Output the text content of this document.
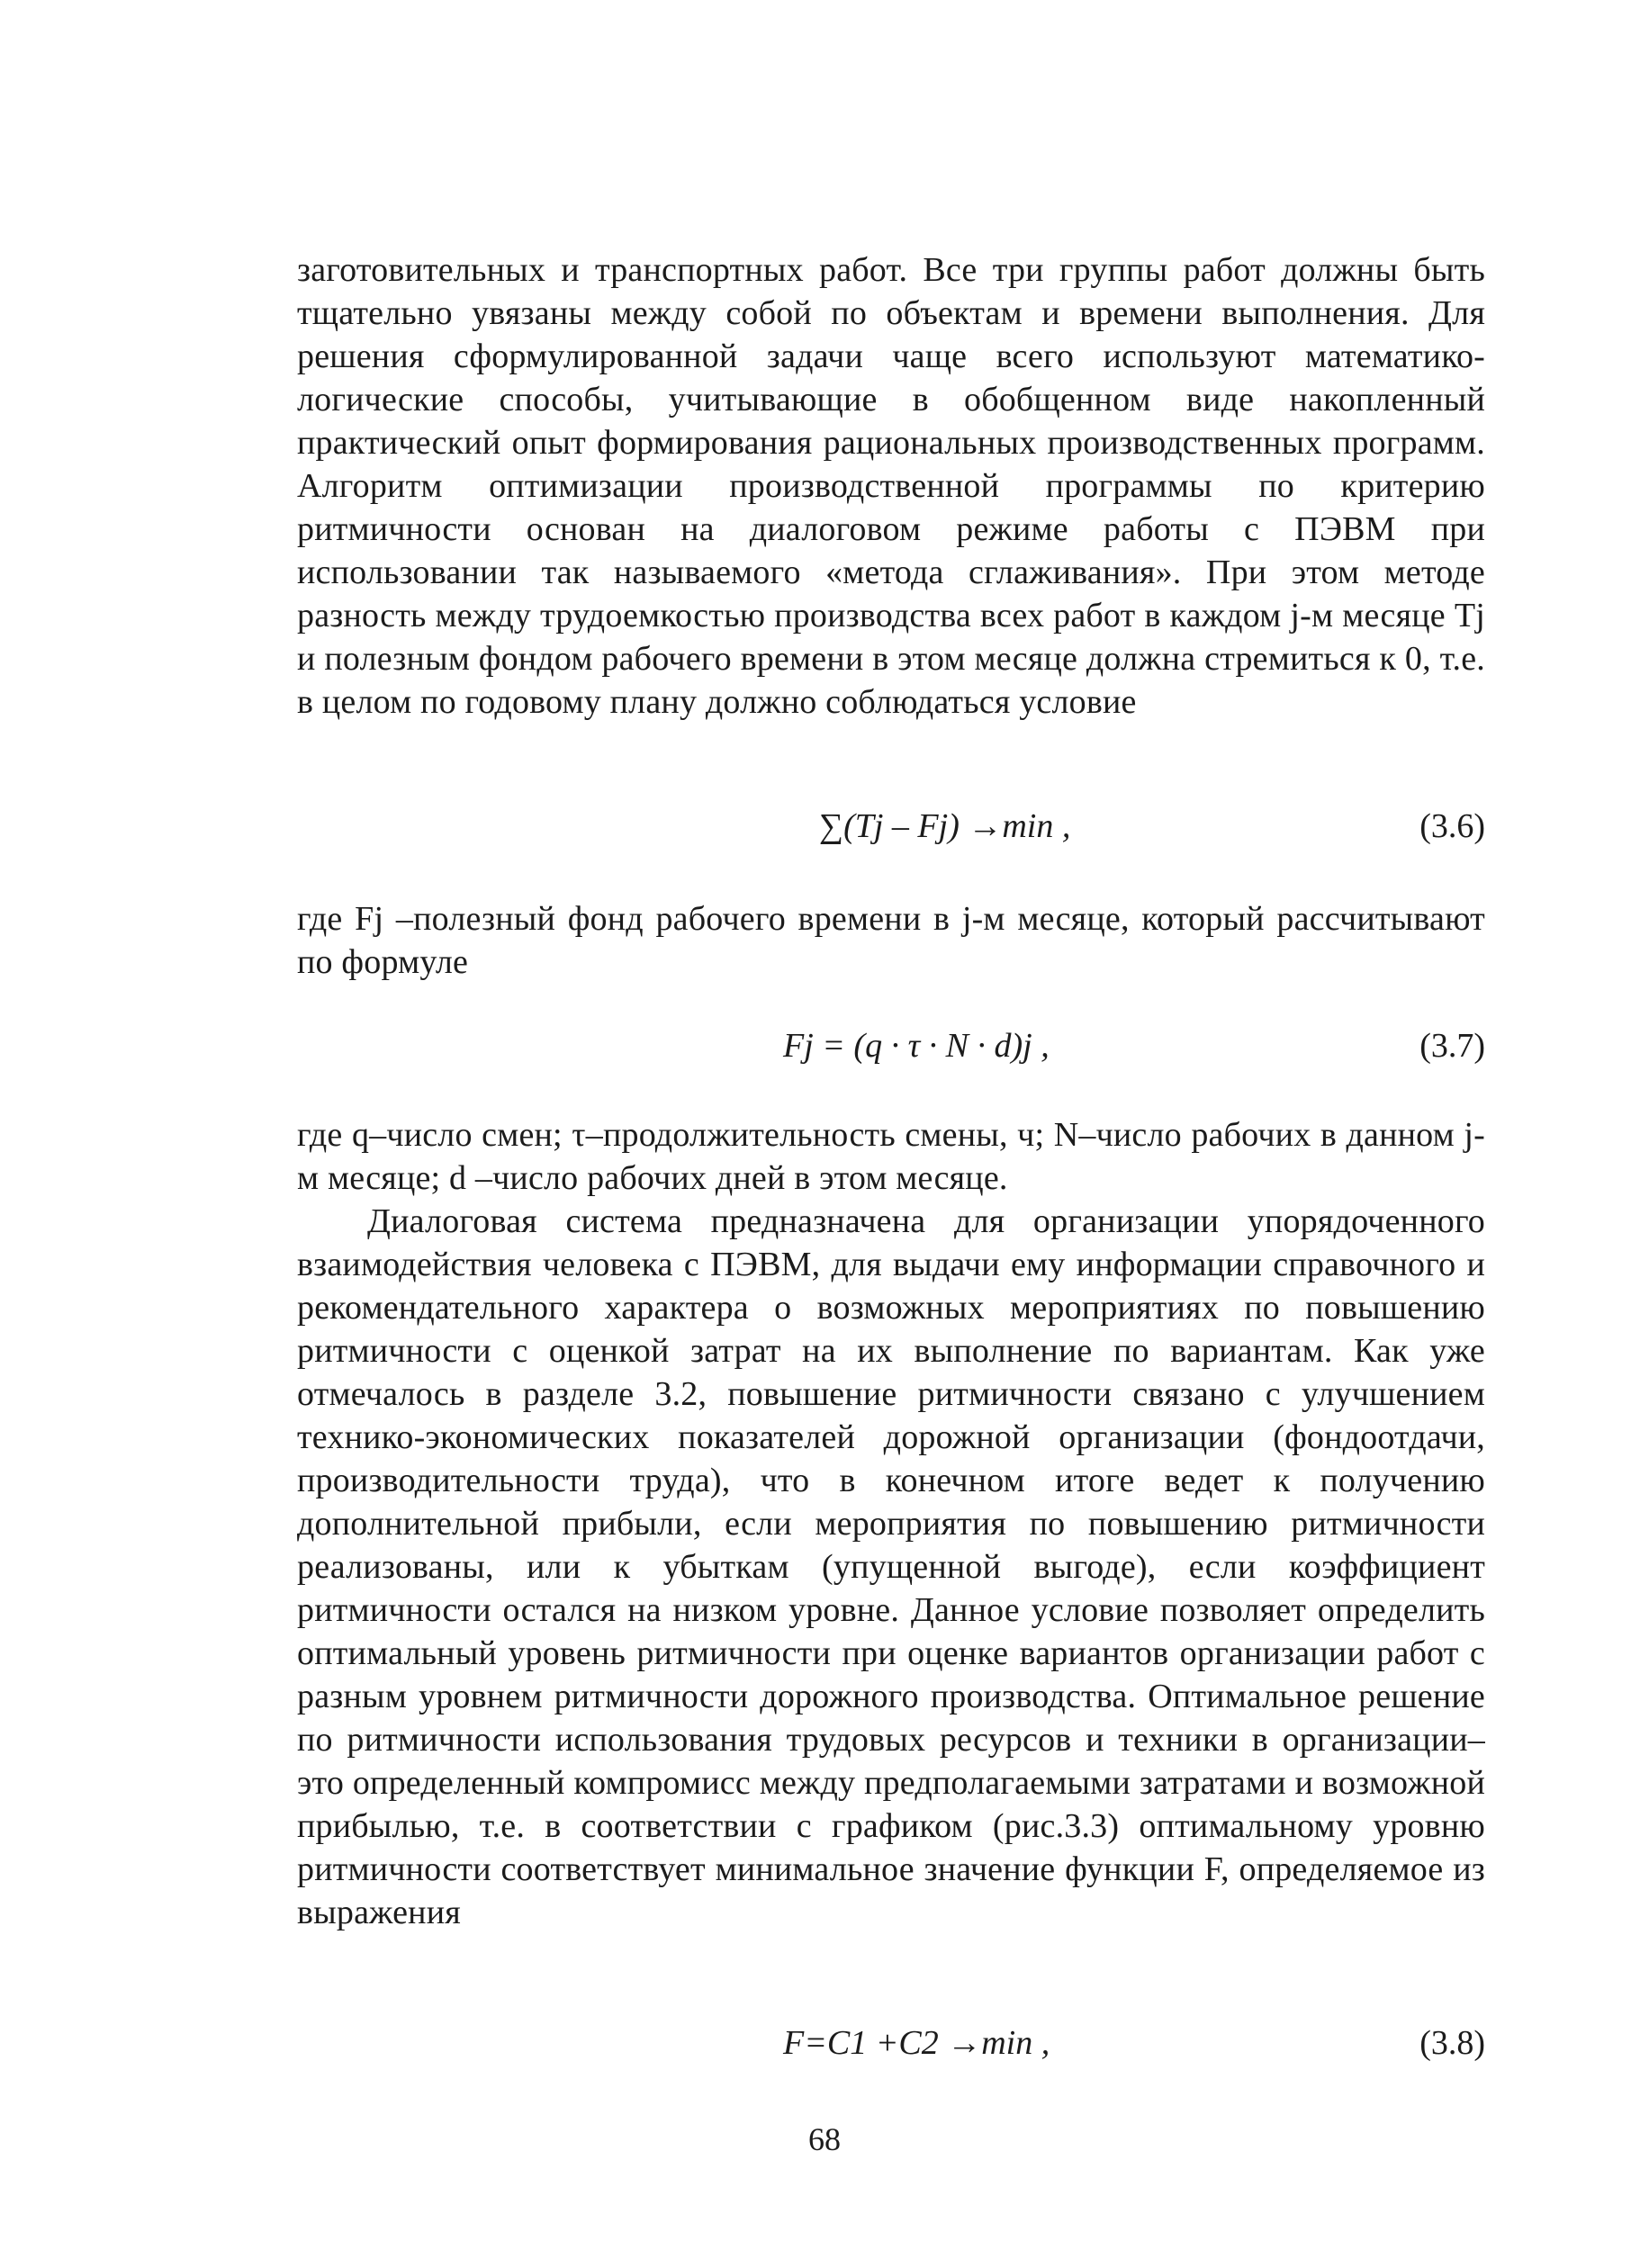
заготовительных и транспортных работ. Все три группы работ должны быть тщательно увязаны между собой по объектам и времени выполнения. Для решения сформулированной задачи чаще всего используют математико-логические способы, учитывающие в обобщенном виде накопленный практический опыт формирования рациональных производственных программ. Алгоритм оптимизации производственной программы по критерию ритмичности основан на диалоговом режиме работы с ПЭВМ при использовании так называемого «метода сглаживания». При этом методе разность между трудоемкостью производства всех работ в каждом j-м месяце Tj и полезным фондом рабочего времени в этом месяце должна стремиться к 0, т.е. в целом по годовому плану должно соблюдаться условие
∑(Tj – Fj) →min ,	(3.6)
где Fj –полезный фонд рабочего времени в j-м месяце, который рассчитывают по формуле
Fj = (q · τ · N · d)j ,	(3.7)
где q–число смен; τ–продолжительность смены, ч; N–число рабочих в данном j-м месяце; d –число рабочих дней в этом месяце.
Диалоговая система предназначена для организации упорядоченного взаимодействия человека с ПЭВМ, для выдачи ему информации справочного и рекомендательного характера о возможных мероприятиях по повышению ритмичности с оценкой затрат на их выполнение по вариантам. Как уже отмечалось в разделе 3.2, повышение ритмичности связано с улучшением технико-экономических показателей дорожной организации (фондоотдачи, производительности труда), что в конечном итоге ведет к получению дополнительной прибыли, если мероприятия по повышению ритмичности реализованы, или к убыткам (упущенной выгоде), если коэффициент ритмичности остался на низком уровне. Данное условие позволяет определить оптимальный уровень ритмичности при оценке вариантов организации работ с разным уровнем ритмичности дорожного производства. Оптимальное решение по ритмичности использования трудовых ресурсов и техники в организации–это определенный компромисс между предполагаемыми затратами и возможной прибылью, т.е. в соответствии с графиком (рис.3.3) оптимальному уровню ритмичности соответствует минимальное значение функции F, определяемое из выражения
F=C1 +C2 →min ,	(3.8)
68
